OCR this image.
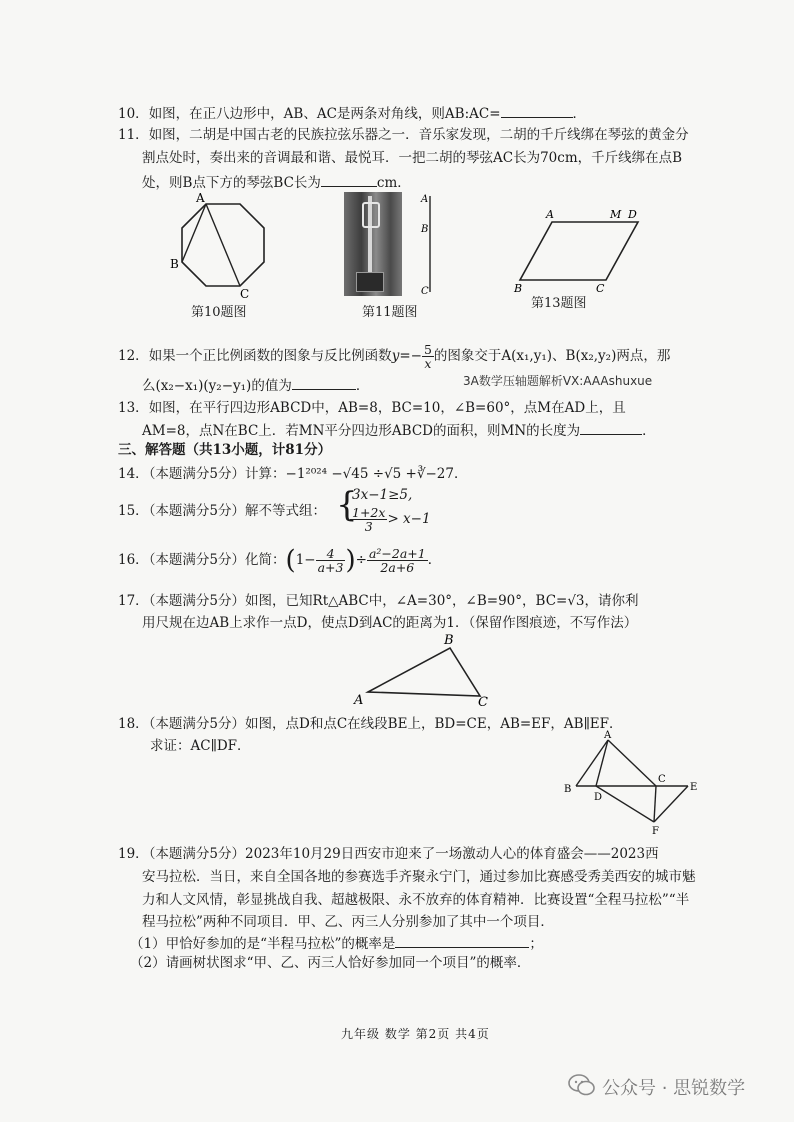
10．如图，在正八边形中，AB、AC是两条对角线，则AB:AC=	．
11．如图，二胡是中国古老的民族拉弦乐器之一．音乐家发现，二胡的千斤线绑在琴弦的黄金分
割点处时，奏出来的音调最和谐、最悦耳．一把二胡的琴弦AC长为70cm，千斤线绑在点B
处，则B点下方的琴弦BC长为	cm．
A
B
C
第10题图
A
B
C
第11题图
A	M D
B	C
第13题图
12．如果一个正比例函数的图象与反比例函数$y=- \frac{5}{x}$ 的图象交于A(x₁,y₁)、B(x₂,y₂)两点，那
么(x₂−x₁)(y₂−y₁)的值为	．	3A数学压轴题解析VX:AAAshuxue
13．如图，在平行四边形ABCD中，AB=8，BC=10，∠B=60°，点M在AD上，且
AM=8，点N在BC上．若MN平分四边形ABCD的面积，则MN的长度为	．
三、解答题（共13小题，计81分）
14．（本题满分5分）计算：−1²⁰²⁴ −√45 ÷√5 +∛−27．
15．（本题满分5分）解不等式组： {
3x−1≥5,
$\frac{1+2x}{3} > x-1$
16．（本题满分5分）化简：($1- \frac{4}{a+3}$ )÷ $\frac{\text{a²−2a+1}}{2a+6}$ ．
17．（本题满分5分）如图，已知Rt△ABC中，∠A=30°，∠B=90°，BC=√3，请你利
用尺规在边AB上求作一点D，使点D到AC的距离为1．（保留作图痕迹，不写作法）
A
B
C
18．（本题满分5分）如图，点D和点C在线段BE上，BD=CE，AB=EF，AB∥EF．
求证：AC∥DF．
A
B
D
C
E
F
19．（本题满分5分）2023年10月29日西安市迎来了一场激动人心的体育盛会——2023西
安马拉松．当日，来自全国各地的参赛选手齐聚永宁门，通过参加比赛感受秀美西安的城市魅
力和人文风情，彰显挑战自我、超越极限、永不放弃的体育精神．比赛设置“全程马拉松”“半
程马拉松”两种不同项目．甲、乙、丙三人分别参加了其中一个项目．
（1）甲恰好参加的是“半程马拉松”的概率是	；
（2）请画树状图求“甲、乙、丙三人恰好参加同一个项目”的概率．
九年级 数学 第2页 共4页
公众号 · 思锐数学
